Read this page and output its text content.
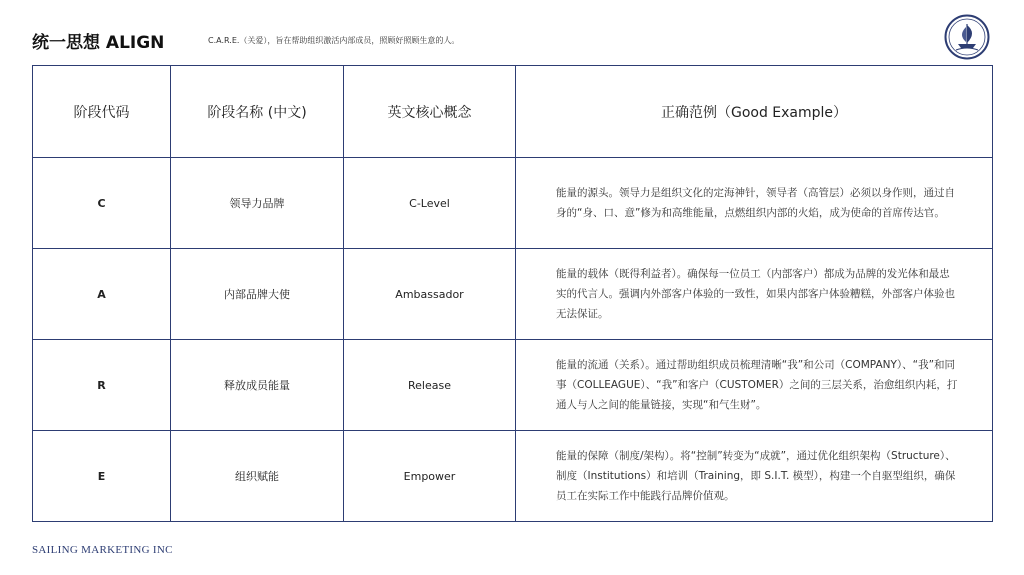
统一思想 ALIGN	C.A.R.E.（关爱），旨在帮助组织激活内部成员，照顾好照顾生意的人。
阶段代码	阶段名称 (中文)	英文核心概念	正确范例（Good Example）
C	领导力品牌	C-Level	能量的源头。领导力是组织文化的定海神针，领导者（高管层）必须以身作则，通过自身的“身、口、意”修为和高维能量，点燃组织内部的火焰，成为使命的首席传达官。
A	内部品牌大使	Ambassador	能量的载体（既得利益者）。确保每一位员工（内部客户）都成为品牌的发光体和最忠实的代言人。强调内外部客户体验的一致性，如果内部客户体验糟糕，外部客户体验也无法保证。
R	释放成员能量	Release	能量的流通（关系）。通过帮助组织成员梳理清晰“我”和公司（COMPANY）、“我”和同事（COLLEAGUE）、“我”和客户（CUSTOMER）之间的三层关系，治愈组织内耗，打通人与人之间的能量链接，实现“和气生财”。
E	组织赋能	Empower	能量的保障（制度/架构）。将“控制”转变为“成就”，通过优化组织架构（Structure）、制度（Institutions）和培训（Training，即 S.I.T. 模型），构建一个自驱型组织，确保员工在实际工作中能践行品牌价值观。
SAILING MARKETING INC
